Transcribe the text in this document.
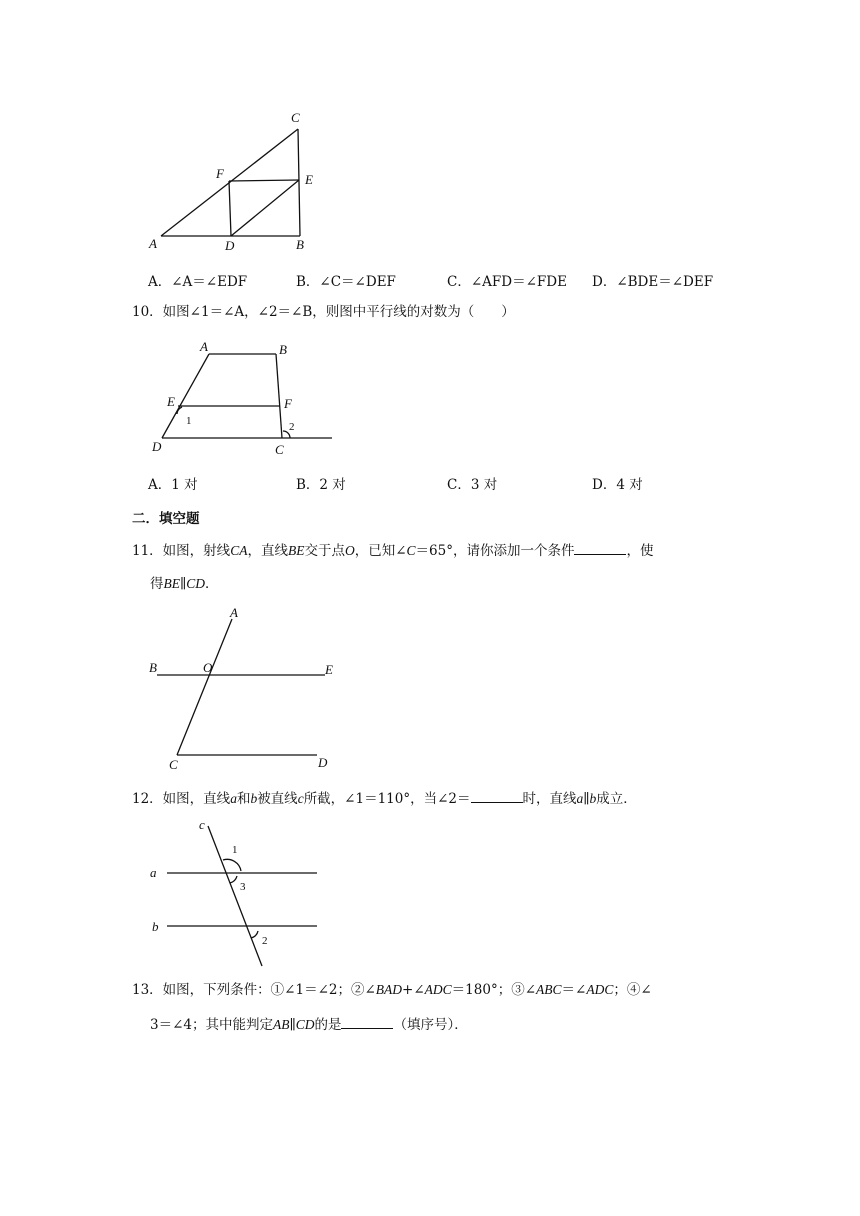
C
F	E
A	D	B
A．∠A＝∠EDF	B．∠C＝∠DEF	C．∠AFD＝∠FDE D．∠BDE＝∠DEF
10．如图∠1＝∠A，∠2＝∠B，则图中平行线的对数为（　　）
A	B
E	F
1	2
D	C
A．1 对	B．2 对	C．3 对	D．4 对
二．填空题
11．如图，射线CA，直线BE交于点O，已知∠C＝65°，请你添加一个条件	，使
得BE∥CD．
A
B	O	E
C	D
12．如图，直线a和b被直线c所截，∠1＝110°，当∠2＝	时，直线a∥b成立．
c
1
a
3
b
2
13．如图，下列条件：①∠1＝∠2；②∠BAD+∠ADC＝180°；③∠ABC＝∠ADC；④∠
3＝∠4；其中能判定AB∥CD的是	（填序号）．
